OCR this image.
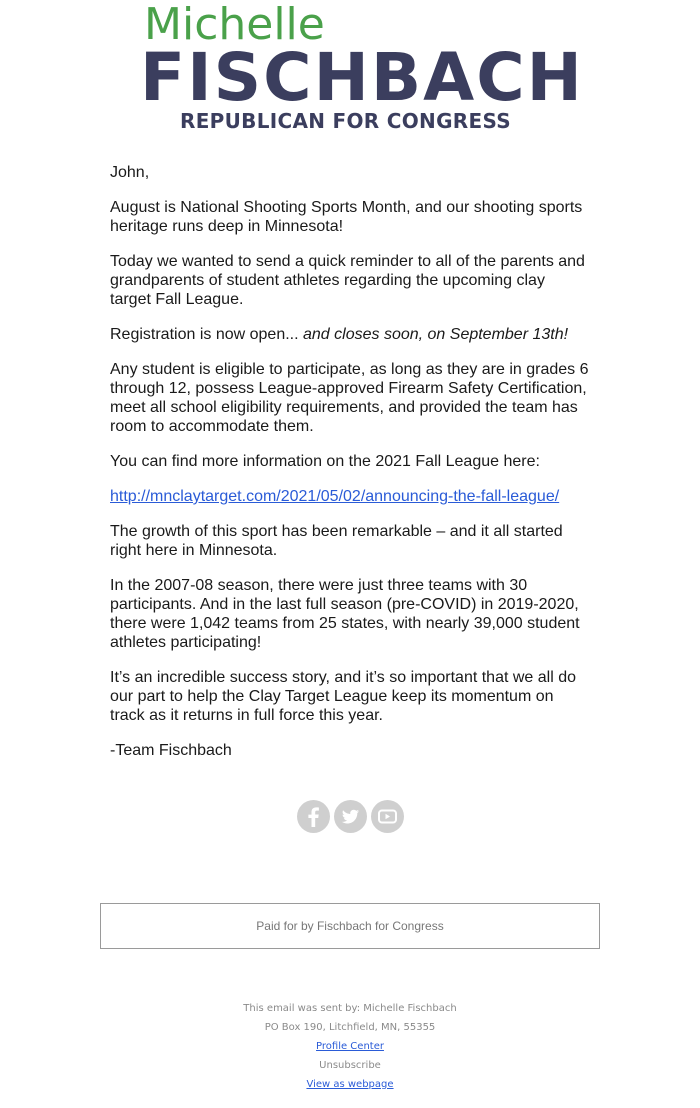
Michelle
FISCHBACH
REPUBLICAN FOR CONGRESS

John,

August is National Shooting Sports Month, and our shooting sports heritage runs deep in Minnesota!

Today we wanted to send a quick reminder to all of the parents and grandparents of student athletes regarding the upcoming clay target Fall League.

Registration is now open... and closes soon, on September 13th!

Any student is eligible to participate, as long as they are in grades 6 through 12, possess League-approved Firearm Safety Certification, meet all school eligibility requirements, and provided the team has room to accommodate them.

You can find more information on the 2021 Fall League here:

http://mnclaytarget.com/2021/05/02/announcing-the-fall-league/

The growth of this sport has been remarkable – and it all started right here in Minnesota.

In the 2007-08 season, there were just three teams with 30 participants. And in the last full season (pre-COVID) in 2019-2020, there were 1,042 teams from 25 states, with nearly 39,000 student athletes participating!

It’s an incredible success story, and it’s so important that we all do our part to help the Clay Target League keep its momentum on track as it returns in full force this year.

-Team Fischbach

Paid for by Fischbach for Congress
This email was sent by: Michelle Fischbach
PO Box 190, Litchfield, MN, 55355
Profile Center
Unsubscribe
View as webpage
